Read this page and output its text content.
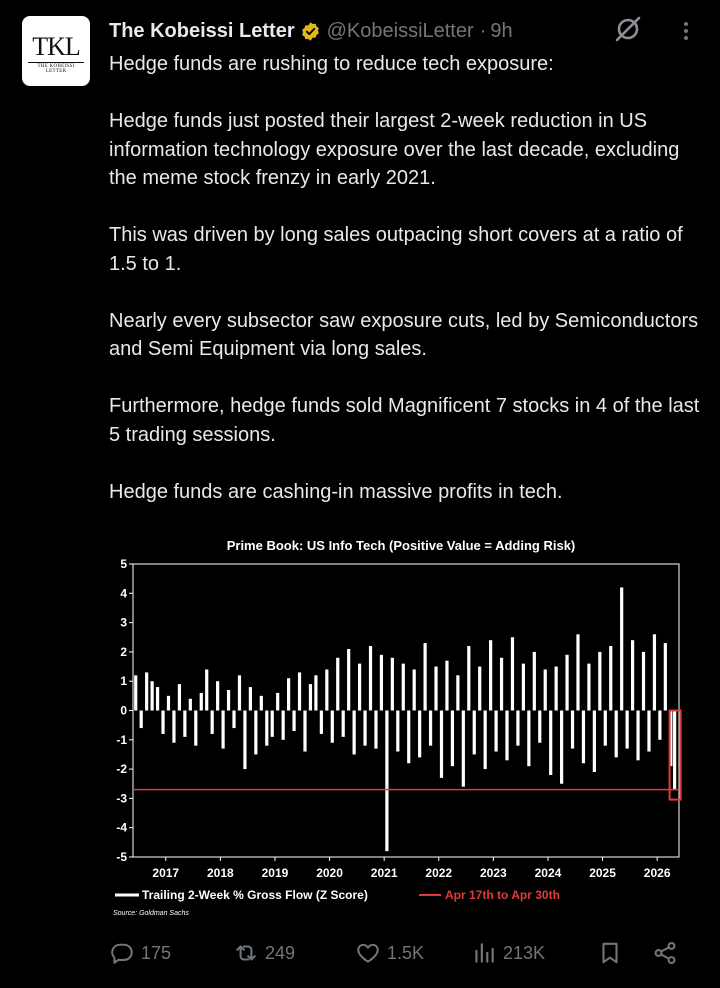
TKL
THE KOBEISSI LETTER
The Kobeissi Letter @KobeissiLetter · 9h
Hedge funds are rushing to reduce tech exposure:

Hedge funds just posted their largest 2-week reduction in US information technology exposure over the last decade, excluding the meme stock frenzy in early 2021.

This was driven by long sales outpacing short covers at a ratio of 1.5 to 1.

Nearly every subsector saw exposure cuts, led by Semiconductors and Semi Equipment via long sales.

Furthermore, hedge funds sold Magnificent 7 stocks in 4 of the last 5 trading sessions.

Hedge funds are cashing-in massive profits in tech.
Prime Book: US Info Tech (Positive Value = Adding Risk)
5
4
3
2
1
0
-1
-2
-3
-4
-5
2017 2018 2019 2020 2021 2022 2023 2024 2025 2026
Trailing 2-Week % Gross Flow (Z Score)	Apr 17th to Apr 30th
Source: Goldman Sachs
175	249	1.5K	213K
